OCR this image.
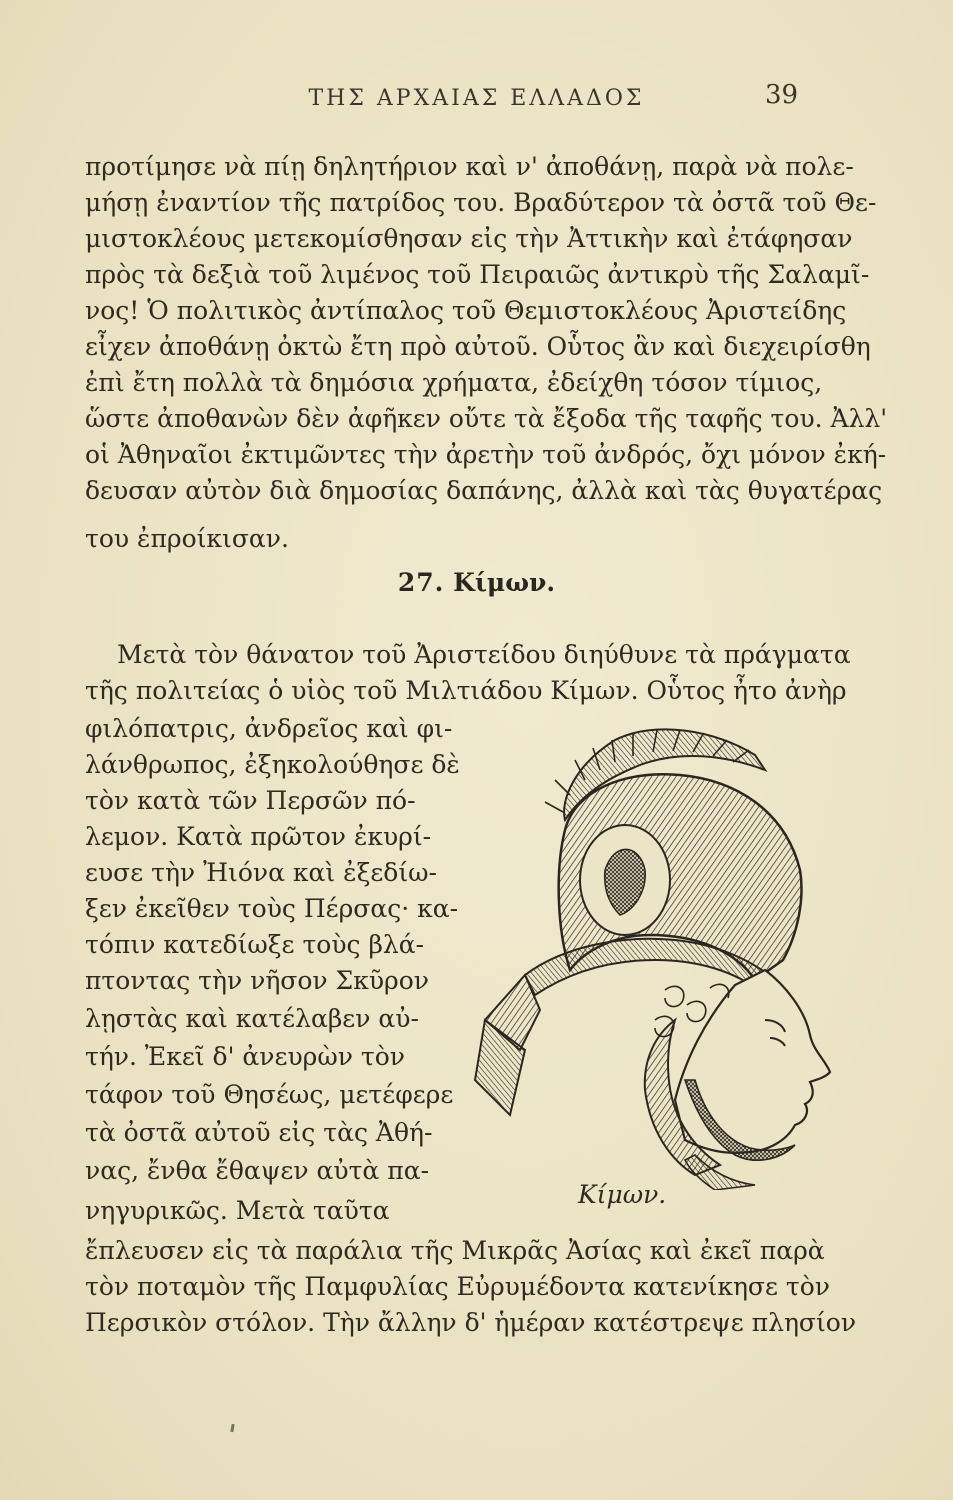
ΤΗΣ ΑΡΧΑΙΑΣ ΕΛΛΑΔΟΣ	39
προτίμησε νὰ πίῃ δηλητήριον καὶ ν' ἀποθάνῃ, παρὰ νὰ πολε-
μήσῃ ἐναντίον τῆς πατρίδος του. Βραδύτερον τὰ ὀστᾶ τοῦ Θε-
μιστοκλέους μετεκομίσθησαν εἰς τὴν Ἀττικὴν καὶ ἐτάφησαν
πρὸς τὰ δεξιὰ τοῦ λιμένος τοῦ Πειραιῶς ἀντικρὺ τῆς Σαλαμῖ-
νος! Ὁ πολιτικὸς ἀντίπαλος τοῦ Θεμιστοκλέους Ἀριστείδης
εἶχεν ἀποθάνῃ ὀκτὼ ἔτη πρὸ αὐτοῦ. Οὗτος ἂν καὶ διεχειρίσθη
ἐπὶ ἔτη πολλὰ τὰ δημόσια χρήματα, ἐδείχθη τόσον τίμιος,
ὥστε ἀποθανὼν δὲν ἀφῆκεν οὔτε τὰ ἔξοδα τῆς ταφῆς του. Ἀλλ'
οἱ Ἀθηναῖοι ἐκτιμῶντες τὴν ἀρετὴν τοῦ ἀνδρός, ὄχι μόνον ἐκή-
δευσαν αὐτὸν διὰ δημοσίας δαπάνης, ἀλλὰ καὶ τὰς θυγατέρας
του ἐπροίκισαν.
27. Κίμων.
Μετὰ τὸν θάνατον τοῦ Ἀριστείδου διηύθυνε τὰ πράγματα
τῆς πολιτείας ὁ υἱὸς τοῦ Μιλτιάδου Κίμων. Οὗτος ἦτο ἀνὴρ
φιλόπατρις, ἀνδρεῖος καὶ φι-
λάνθρωπος, ἐξηκολούθησε δὲ
τὸν κατὰ τῶν Περσῶν πό-
λεμον. Κατὰ πρῶτον ἐκυρί-
ευσε τὴν Ἠιόνα καὶ ἐξεδίω-
ξεν ἐκεῖθεν τοὺς Πέρσας· κα-
τόπιν κατεδίωξε τοὺς βλά-
πτοντας τὴν νῆσον Σκῦρον
λῃστὰς καὶ κατέλαβεν αὐ-
τήν. Ἐκεῖ δ' ἀνευρὼν τὸν
τάφον τοῦ Θησέως, μετέφερε
τὰ ὀστᾶ αὐτοῦ εἰς τὰς Ἀθή-
νας, ἔνθα ἔθαψεν αὐτὰ πα-
νηγυρικῶς. Μετὰ ταῦτα
ἔπλευσεν εἰς τὰ παράλια τῆς Μικρᾶς Ἀσίας καὶ ἐκεῖ παρὰ
τὸν ποταμὸν τῆς Παμφυλίας Εὐρυμέδοντα κατενίκησε τὸν
Περσικὸν στόλον. Τὴν ἄλλην δ' ἡμέραν κατέστρεψε πλησίον
Κίμων.
